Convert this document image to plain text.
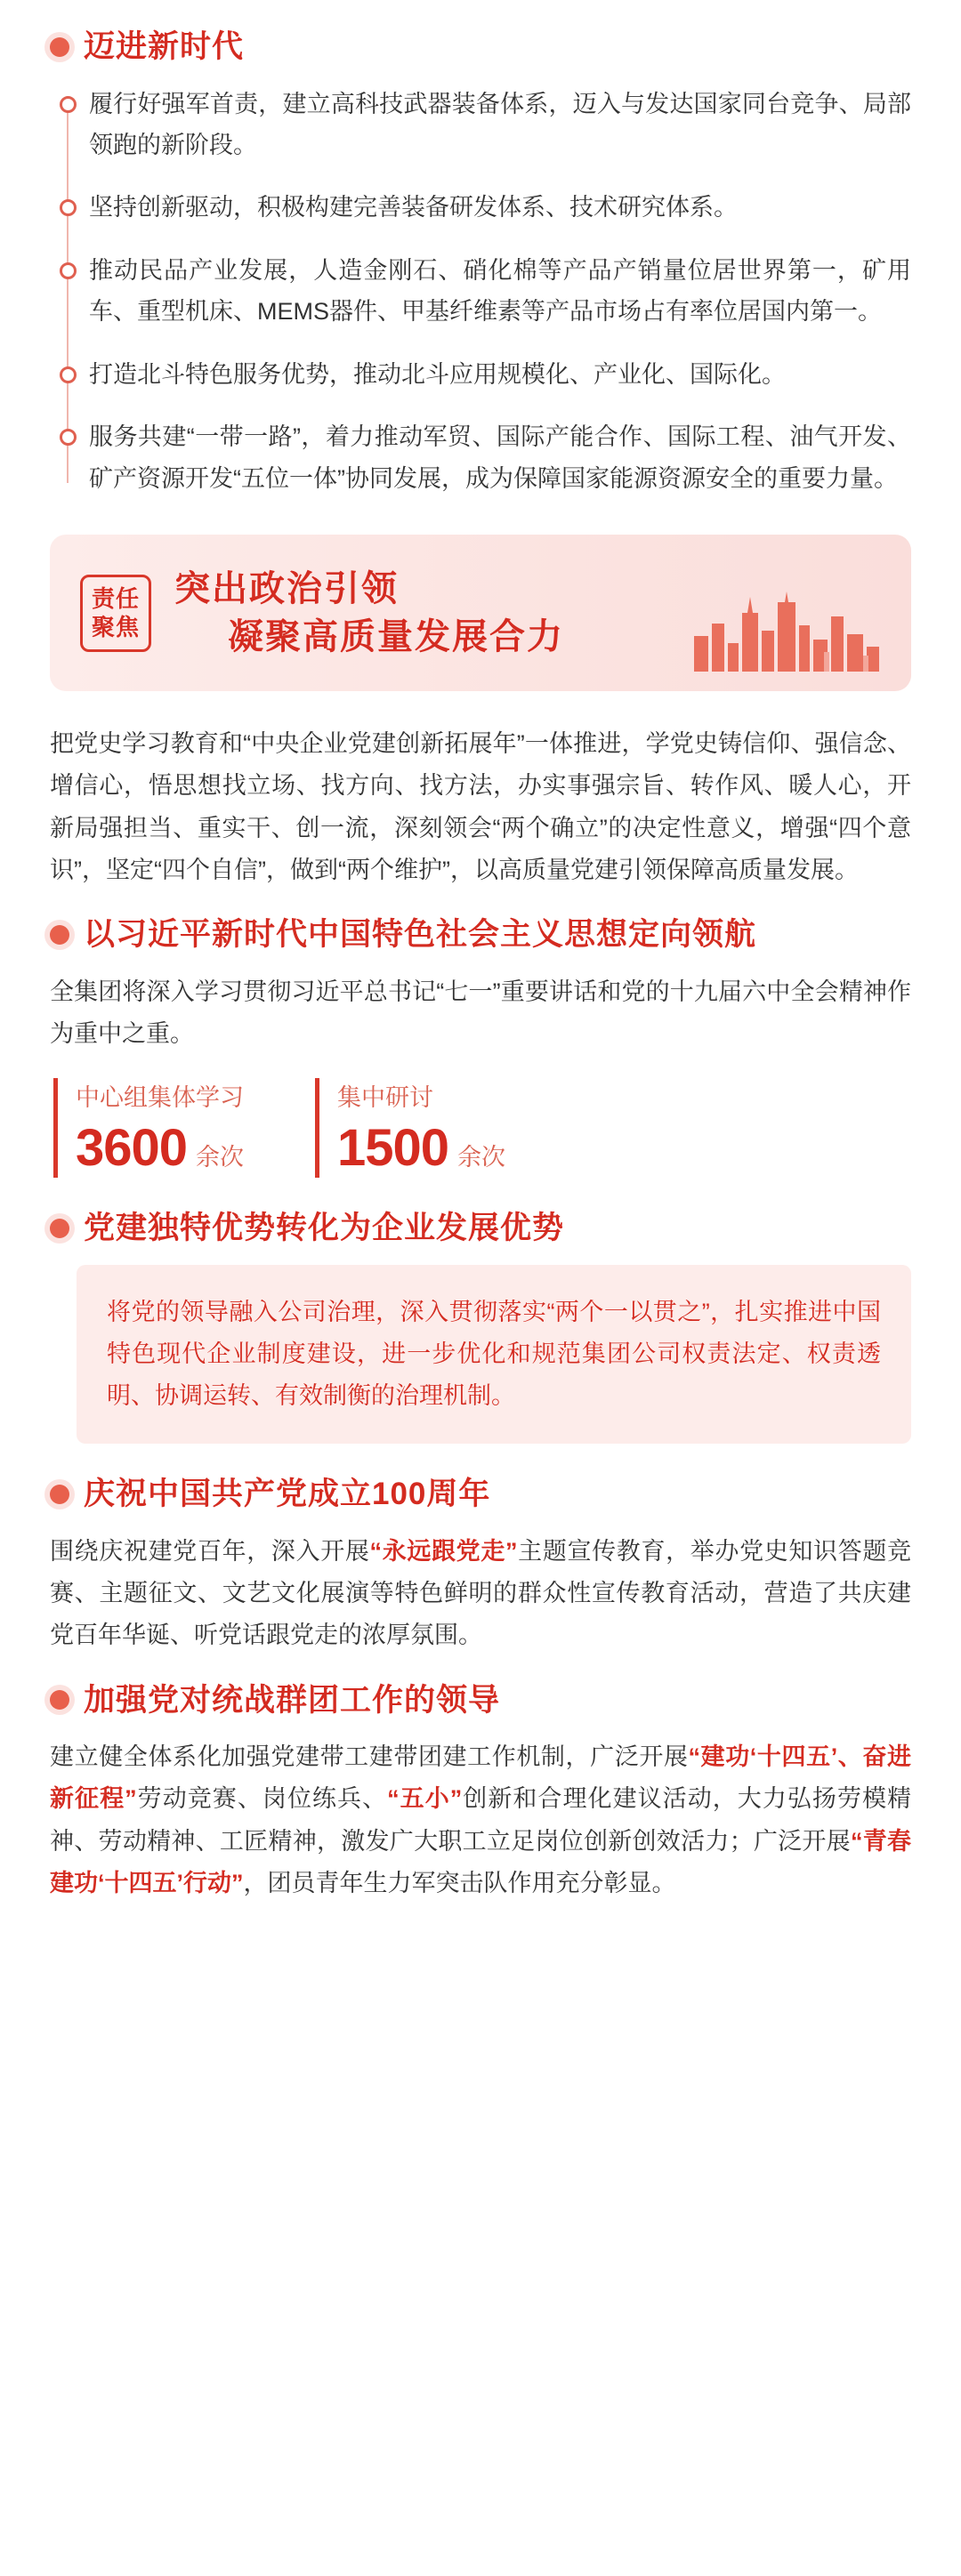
迈进新时代
履行好强军首责，建立高科技武器装备体系，迈入与发达国家同台竞争、局部领跑的新阶段。
坚持创新驱动，积极构建完善装备研发体系、技术研究体系。
推动民品产业发展，人造金刚石、硝化棉等产品产销量位居世界第一，矿用车、重型机床、MEMS器件、甲基纤维素等产品市场占有率位居国内第一。
打造北斗特色服务优势，推动北斗应用规模化、产业化、国际化。
服务共建“一带一路”，着力推动军贸、国际产能合作、国际工程、油气开发、矿产资源开发“五位一体”协同发展，成为保障国家能源资源安全的重要力量。
责任
聚焦
突出政治引领
凝聚高质量发展合力

把党史学习教育和“中央企业党建创新拓展年”一体推进，学党史铸信仰、强信念、增信心，悟思想找立场、找方向、找方法，办实事强宗旨、转作风、暖人心，开新局强担当、重实干、创一流，深刻领会“两个确立”的决定性意义，增强“四个意识”，坚定“四个自信”，做到“两个维护”，以高质量党建引领保障高质量发展。

以习近平新时代中国特色社会主义思想定向领航

全集团将深入学习贯彻习近平总书记“七一”重要讲话和党的十九届六中全会精神作为重中之重。

中心组集体学习
3600 余次
集中研讨
1500 余次
党建独特优势转化为企业发展优势
将党的领导融入公司治理，深入贯彻落实“两个一以贯之”，扎实推进中国特色现代企业制度建设，进一步优化和规范集团公司权责法定、权责透明、协调运转、有效制衡的治理机制。
庆祝中国共产党成立100周年

围绕庆祝建党百年，深入开展“永远跟党走”主题宣传教育，举办党史知识答题竞赛、主题征文、文艺文化展演等特色鲜明的群众性宣传教育活动，营造了共庆建党百年华诞、听党话跟党走的浓厚氛围。

加强党对统战群团工作的领导

建立健全体系化加强党建带工建带团建工作机制，广泛开展“建功‘十四五’、奋进新征程”劳动竞赛、岗位练兵、“五小”创新和合理化建议活动，大力弘扬劳模精神、劳动精神、工匠精神，激发广大职工立足岗位创新创效活力；广泛开展“青春建功‘十四五’行动”，团员青年生力军突击队作用充分彰显。
